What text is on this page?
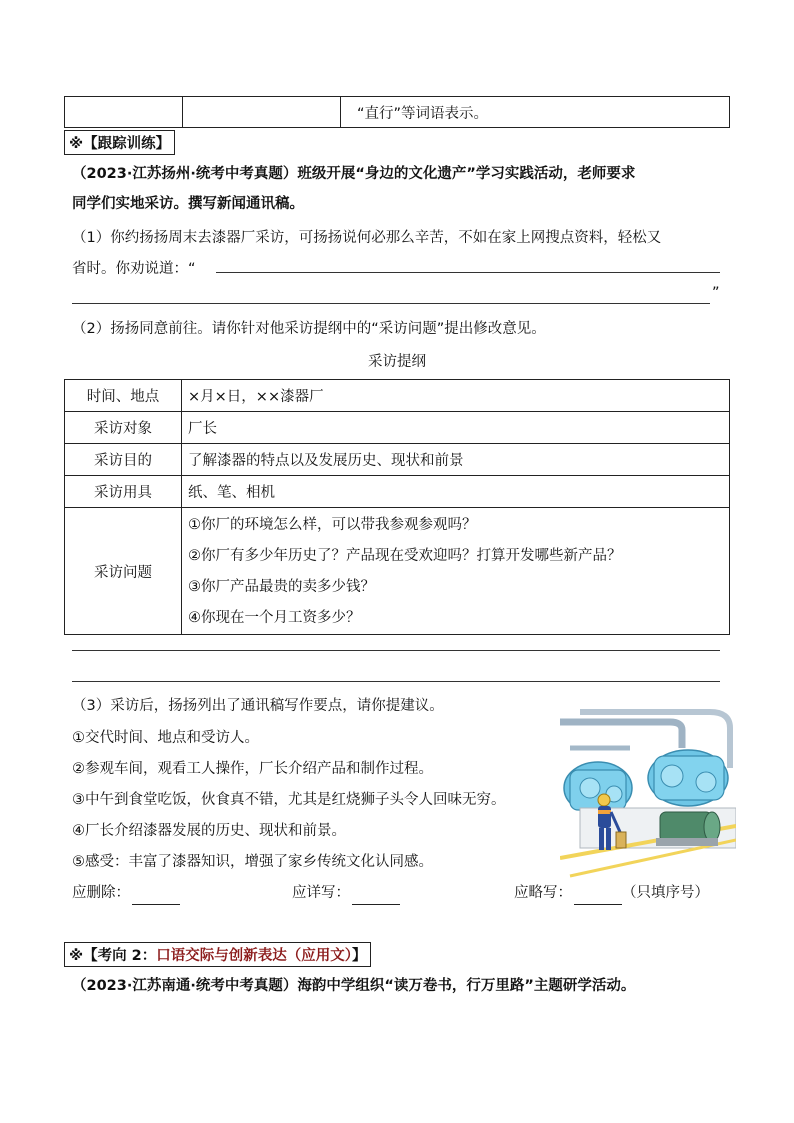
		“直行”等词语表示。
※【跟踪训练】
（2023·江苏扬州·统考中考真题）班级开展“身边的文化遗产”学习实践活动，老师要求
同学们实地采访。撰写新闻通讯稿。
（1）你约扬扬周末去漆器厂采访，可扬扬说何必那么辛苦，不如在家上网搜点资料，轻松又
省时。你劝说道：“
”
（2）扬扬同意前往。请你针对他采访提纲中的“采访问题”提出修改意见。
采访提纲
时间、地点	×月×日，××漆器厂
采访对象	厂长
采访目的	了解漆器的特点以及发展历史、现状和前景
采访用具	纸、笔、相机
采访问题	①你厂的环境怎么样，可以带我参观参观吗？
②你厂有多少年历史了？产品现在受欢迎吗？打算开发哪些新产品？
③你厂产品最贵的卖多少钱？
④你现在一个月工资多少？
（3）采访后，扬扬列出了通讯稿写作要点，请你提建议。
①交代时间、地点和受访人。
②参观车间，观看工人操作，厂长介绍产品和制作过程。
③中午到食堂吃饭，伙食真不错，尤其是红烧狮子头令人回味无穷。
④厂长介绍漆器发展的历史、现状和前景。
⑤感受：丰富了漆器知识，增强了家乡传统文化认同感。
应删除：	应详写：	应略写：	（只填序号）
※【考向 2：口语交际与创新表达（应用文）】
（2023·江苏南通·统考中考真题）海韵中学组织“读万卷书，行万里路”主题研学活动。
